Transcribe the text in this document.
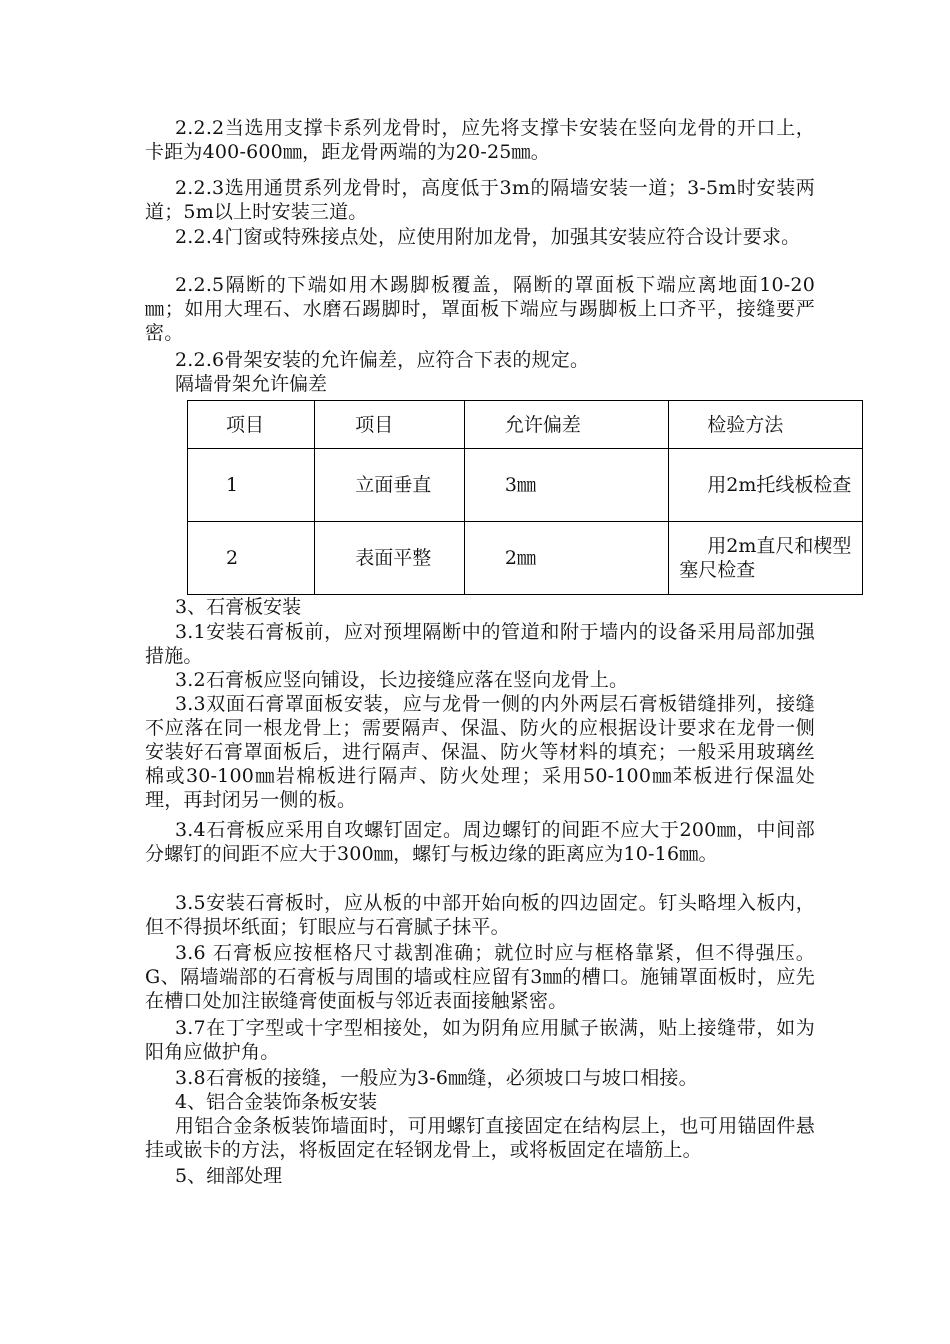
2.2.2当选用支撑卡系列龙骨时，应先将支撑卡安装在竖向龙骨的开口上，卡距为400-600㎜，距龙骨两端的为20-25㎜。

2.2.3选用通贯系列龙骨时，高度低于3m的隔墙安装一道；3-5m时安装两道；5m以上时安装三道。

2.2.4门窗或特殊接点处，应使用附加龙骨，加强其安装应符合设计要求。

2.2.5隔断的下端如用木踢脚板覆盖，隔断的罩面板下端应离地面10-20㎜；如用大理石、水磨石踢脚时，罩面板下端应与踢脚板上口齐平，接缝要严密。

2.2.6骨架安装的允许偏差，应符合下表的规定。

隔墙骨架允许偏差
项目	项目	允许偏差	检验方法
1	立面垂直	3㎜	用2m托线板检查
2	表面平整	2㎜	用2m直尺和楔型塞尺检查
3、石膏板安装

3.1安装石膏板前，应对预埋隔断中的管道和附于墙内的设备采用局部加强措施。

3.2石膏板应竖向铺设，长边接缝应落在竖向龙骨上。

3.3双面石膏罩面板安装，应与龙骨一侧的内外两层石膏板错缝排列，接缝不应落在同一根龙骨上；需要隔声、保温、防火的应根据设计要求在龙骨一侧安装好石膏罩面板后，进行隔声、保温、防火等材料的填充；一般采用玻璃丝棉或30-100㎜岩棉板进行隔声、防火处理；采用50-100㎜苯板进行保温处理，再封闭另一侧的板。

3.4石膏板应采用自攻螺钉固定。周边螺钉的间距不应大于200㎜，中间部分螺钉的间距不应大于300㎜，螺钉与板边缘的距离应为10-16㎜。

3.5安装石膏板时，应从板的中部开始向板的四边固定。钉头略埋入板内，但不得损坏纸面；钉眼应与石膏腻子抹平。

3.6 石膏板应按框格尺寸裁割准确；就位时应与框格靠紧，但不得强压。G、隔墙端部的石膏板与周围的墙或柱应留有3㎜的槽口。施铺罩面板时，应先在槽口处加注嵌缝膏使面板与邻近表面接触紧密。

3.7在丁字型或十字型相接处，如为阴角应用腻子嵌满，贴上接缝带，如为阳角应做护角。

3.8石膏板的接缝，一般应为3-6㎜缝，必须坡口与坡口相接。

4、铝合金装饰条板安装

用铝合金条板装饰墙面时，可用螺钉直接固定在结构层上，也可用锚固件悬挂或嵌卡的方法，将板固定在轻钢龙骨上，或将板固定在墙筋上。

5、细部处理
